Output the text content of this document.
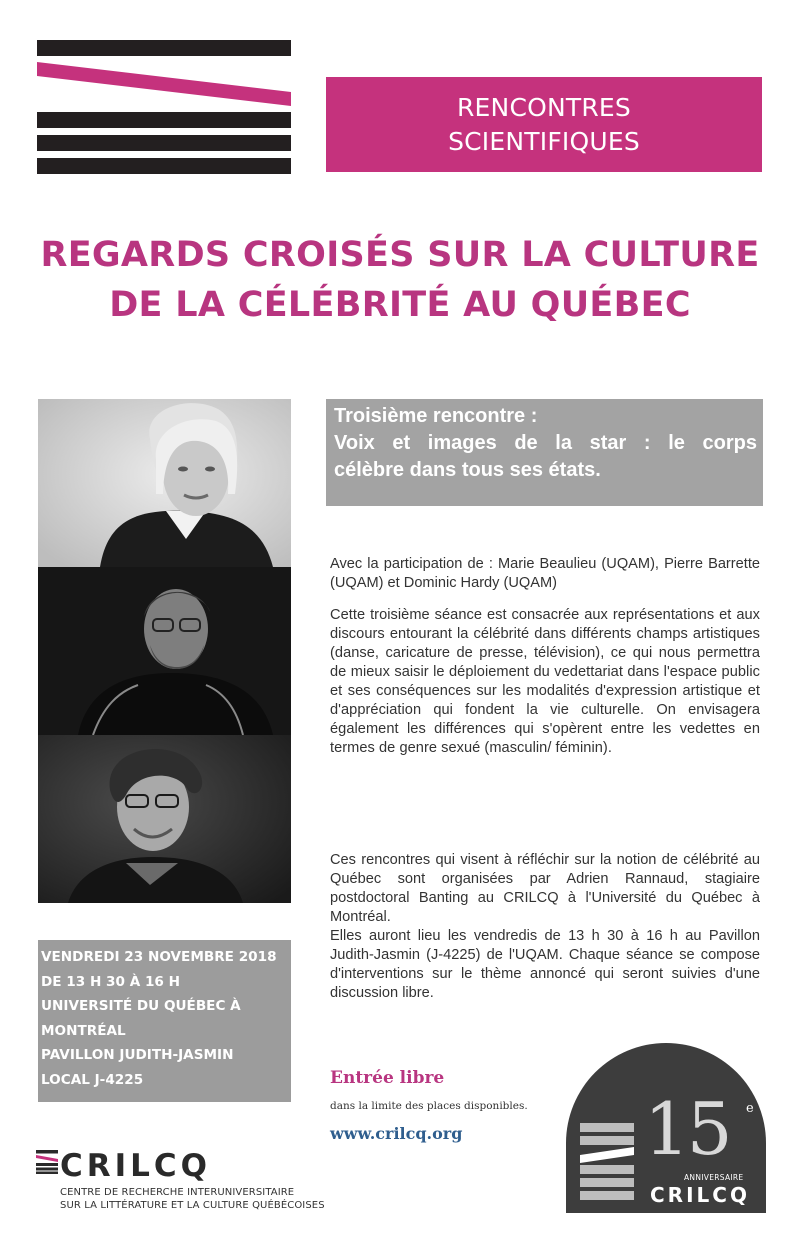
RENCONTRES
SCIENTIFIQUES
REGARDS CROISÉS SUR LA CULTURE
DE LA CÉLÉBRITÉ AU QUÉBEC
Troisième rencontre :
Voix et images de la star : le corps
célèbre dans tous ses états.

Avec la participation de : Marie Beaulieu (UQAM), Pierre Barrette (UQAM) et Dominic Hardy (UQAM)

Cette troisième séance est consacrée aux représentations et aux discours entourant la célébrité dans différents champs artistiques (danse, caricature de presse, télévision), ce qui nous permettra de mieux saisir le déploiement du vedettariat dans l'espace public et ses conséquences sur les modalités d'expression artistique et d'appréciation qui fondent la vie culturelle. On envisagera également les différences qui s'opèrent entre les vedettes en termes de genre sexué (masculin/ féminin).

Ces rencontres qui visent à réfléchir sur la notion de célébrité au Québec sont organisées par Adrien Rannaud, stagiaire postdoctoral Banting au CRILCQ à l'Université du Québec à Montréal.

Elles auront lieu les vendredis de 13 h 30 à 16 h au Pavillon Judith-Jasmin (J-4225) de l'UQAM. Chaque séance se compose d'interventions sur le thème annoncé qui seront suivies d'une discussion libre.

VENDREDI 23 NOVEMBRE 2018
DE 13 H 30 À 16 H
UNIVERSITÉ DU QUÉBEC À
MONTRÉAL
PAVILLON JUDITH-JASMIN
LOCAL J-4225	Entrée libre
dans la limite des places disponibles.
www.crilcq.org
CRILCQ
CENTRE DE RECHERCHE INTERUNIVERSITAIRE
SUR LA LITTÉRATURE ET LA CULTURE QUÉBÉCOISES
15 e
ANNIVERSAIRE
CRILCQ
